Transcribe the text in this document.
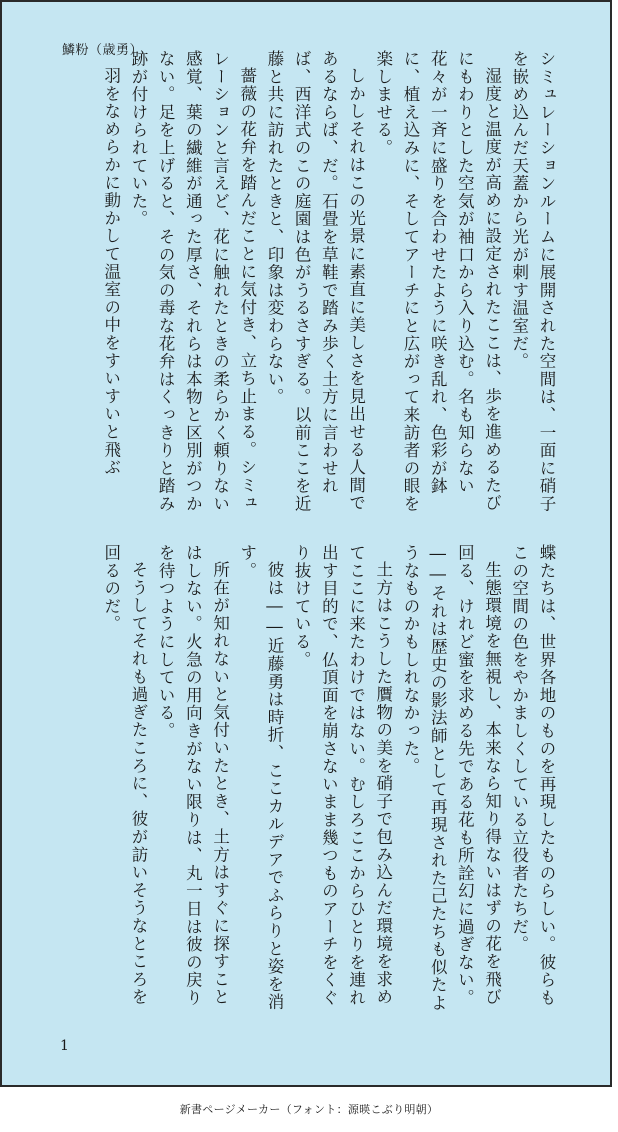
鱗粉（歳勇）	シミュレーションルームに展開された空間は、一面に硝子を嵌め込んだ天蓋から光が刺す温室だ。

湿度と温度が高めに設定されたここは、歩を進めるたびにもわりとした空気が袖口から入り込む。名も知らない花々が一斉に盛りを合わせたように咲き乱れ、色彩が鉢に、植え込みに、そしてアーチにと広がって来訪者の眼を楽しませる。

しかしそれはこの光景に素直に美しさを見出せる人間であるならば、だ。石畳を草鞋で踏み歩く土方に言わせれば、西洋式のこの庭園は色がうるさすぎる。以前ここを近藤と共に訪れたときと、印象は変わらない。

薔薇の花弁を踏んだことに気付き、立ち止まる。シミュレーションと言えど、花に触れたときの柔らかく頼りない感覚、葉の繊維が通った厚さ、それらは本物と区別がつかない。足を上げると、その気の毒な花弁はくっきりと踏み跡が付けられていた。

羽をなめらかに動かして温室の中をすいすいと飛ぶ

蝶たちは、世界各地のものを再現したものらしい。彼らもこの空間の色をやかましくしている立役者たちだ。

生態環境を無視し、本来なら知り得ないはずの花を飛び回る、けれど蜜を求める先である花も所詮幻に過ぎない。――それは歴史の影法師として再現された己たちも似たようなものかもしれなかった。

土方はこうした贋物の美を硝子で包み込んだ環境を求めてここに来たわけではない。むしろここからひとりを連れ出す目的で、仏頂面を崩さないまま幾つものアーチをくぐり抜けている。

彼は――近藤勇は時折、ここカルデアでふらりと姿を消す。

所在が知れないと気付いたとき、土方はすぐに探すことはしない。火急の用向きがない限りは、丸一日は彼の戻りを待つようにしている。

そうしてそれも過ぎたころに、彼が訪いそうなところを回るのだ。

1
新書ページメーカー（フォント：源暎こぶり明朝）
